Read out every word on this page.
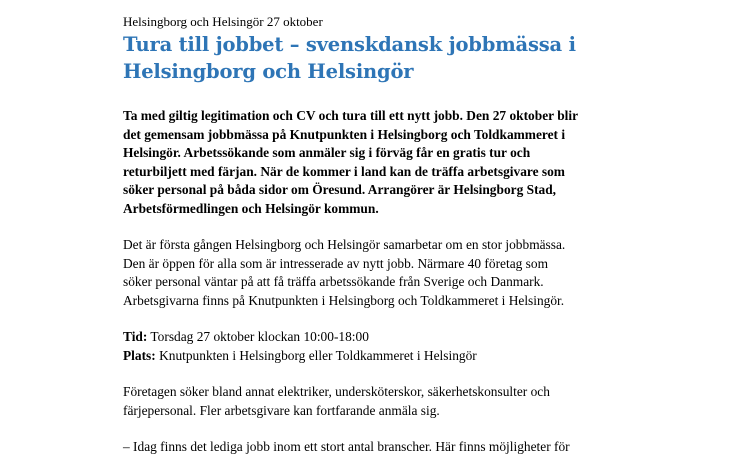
Helsingborg och Helsingör 27 oktober

Tura till jobbet – svenskdansk jobbmässa i
Helsingborg och Helsingör

Ta med giltig legitimation och CV och tura till ett nytt jobb. Den 27 oktober blir
det gemensam jobbmässa på Knutpunkten i Helsingborg och Toldkammeret i
Helsingör. Arbetssökande som anmäler sig i förväg får en gratis tur och
returbiljett med färjan. När de kommer i land kan de träffa arbetsgivare som
söker personal på båda sidor om Öresund. Arrangörer är Helsingborg Stad,
Arbetsförmedlingen och Helsingör kommun.

Det är första gången Helsingborg och Helsingör samarbetar om en stor jobbmässa.
Den är öppen för alla som är intresserade av nytt jobb. Närmare 40 företag som
söker personal väntar på att få träffa arbetssökande från Sverige och Danmark.
Arbetsgivarna finns på Knutpunkten i Helsingborg och Toldkammeret i Helsingör.

Tid: Torsdag 27 oktober klockan 10:00-18:00
Plats: Knutpunkten i Helsingborg eller Toldkammeret i Helsingör

Företagen söker bland annat elektriker, undersköterskor, säkerhetskonsulter och
färjepersonal. Fler arbetsgivare kan fortfarande anmäla sig.

– Idag finns det lediga jobb inom ett stort antal branscher. Här finns möjligheter för
